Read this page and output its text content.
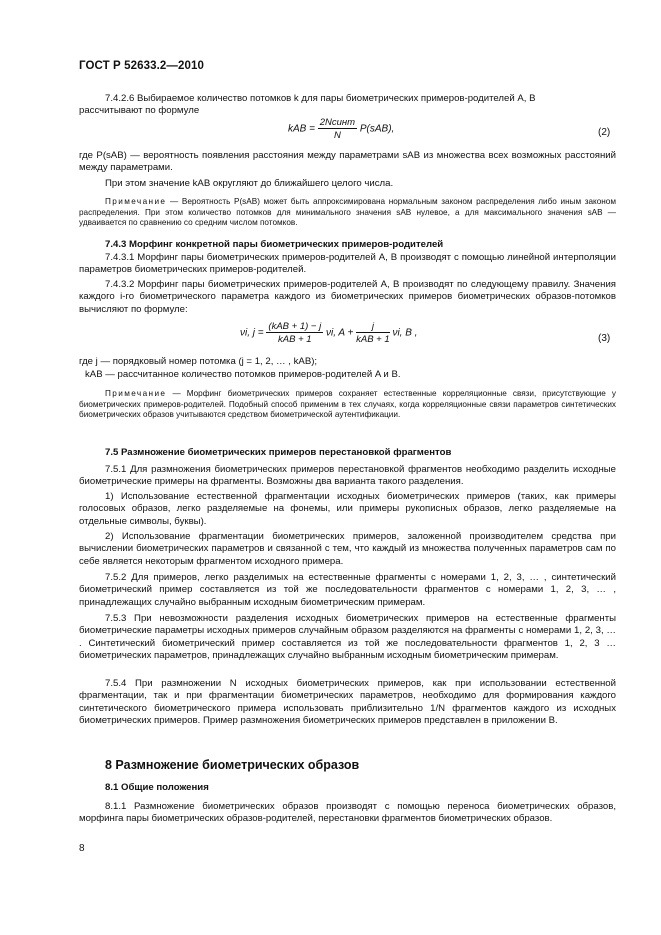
ГОСТ Р 52633.2—2010
7.4.2.6 Выбираемое количество потомков k для пары биометрических примеров-родителей A, B
рассчитывают по формуле
kAB = $\frac{\text{2Nсинт}}{N} P(sAB)$,	(2)
где P(sAB) — вероятность появления расстояния между параметрами sAB из множества всех возможных расстояний между параметрами.
При этом значение kAB округляют до ближайшего целого числа.
Примечание — Вероятность P(sAB) может быть аппроксимирована нормальным законом распределения либо иным законом распределения. При этом количество потомков для минимального значения sAB нулевое, а для максимального значения sAB — удваивается по сравнению со средним числом потомков.
7.4.3 Морфинг конкретной пары биометрических примеров-родителей
7.4.3.1 Морфинг пары биометрических примеров-родителей A, B производят с помощью линейной интерполяции параметров биометрических примеров-родителей.
7.4.3.2 Морфинг пары биометрических примеров-родителей A, B производят по следующему правилу. Значения каждого i-го биометрического параметра каждого из биометрических примеров биометрических образов-потомков вычисляют по формуле:
νi, $j = \frac{\text{(kAB + 1) − j}}{\text{kAB + 1}} \nu i$, $A + \frac{j}{\text{kAB + 1}} \nu i$, B ,	(3)
где j — порядковый номер потомка (j = 1, 2, … , kAB);
kAB — рассчитанное количество потомков примеров-родителей A и B.
Примечание — Морфинг биометрических примеров сохраняет естественные корреляционные связи, присутствующие у биометрических примеров-родителей. Подобный способ применим в тех случаях, когда корреляционные связи параметров синтетических биометрических образов учитываются средством биометрической аутентификации.
7.5 Размножение биометрических примеров перестановкой фрагментов
7.5.1 Для размножения биометрических примеров перестановкой фрагментов необходимо разделить исходные биометрические примеры на фрагменты. Возможны два варианта такого разделения.
1) Использование естественной фрагментации исходных биометрических примеров (таких, как примеры голосовых образов, легко разделяемые на фонемы, или примеры рукописных образов, легко разделяемые на отдельные символы, буквы).
2) Использование фрагментации биометрических примеров, заложенной производителем средства при вычислении биометрических параметров и связанной с тем, что каждый из множества полученных параметров сам по себе является некоторым фрагментом исходного примера.
7.5.2 Для примеров, легко разделимых на естественные фрагменты с номерами 1, 2, 3, … , синтетический биометрический пример составляется из той же последовательности фрагментов с номерами 1, 2, 3, … , принадлежащих случайно выбранным исходным биометрическим примерам.
7.5.3 При невозможности разделения исходных биометрических примеров на естественные фрагменты биометрические параметры исходных примеров случайным образом разделяются на фрагменты с номерами 1, 2, 3, … . Синтетический биометрический пример составляется из той же последовательности фрагментов 1, 2, 3 … биометрических параметров, принадлежащих случайно выбранным исходным биометрическим примерам.
7.5.4 При размножении N исходных биометрических примеров, как при использовании естественной фрагментации, так и при фрагментации биометрических параметров, необходимо для формирования каждого синтетического биометрического примера использовать приблизительно 1/N фрагментов каждого из исходных биометрических примеров. Пример размножения биометрических примеров представлен в приложении В.
8 Размножение биометрических образов
8.1 Общие положения
8.1.1 Размножение биометрических образов производят с помощью переноса биометрических образов, морфинга пары биометрических образов-родителей, перестановки фрагментов биометрических образов.
8
